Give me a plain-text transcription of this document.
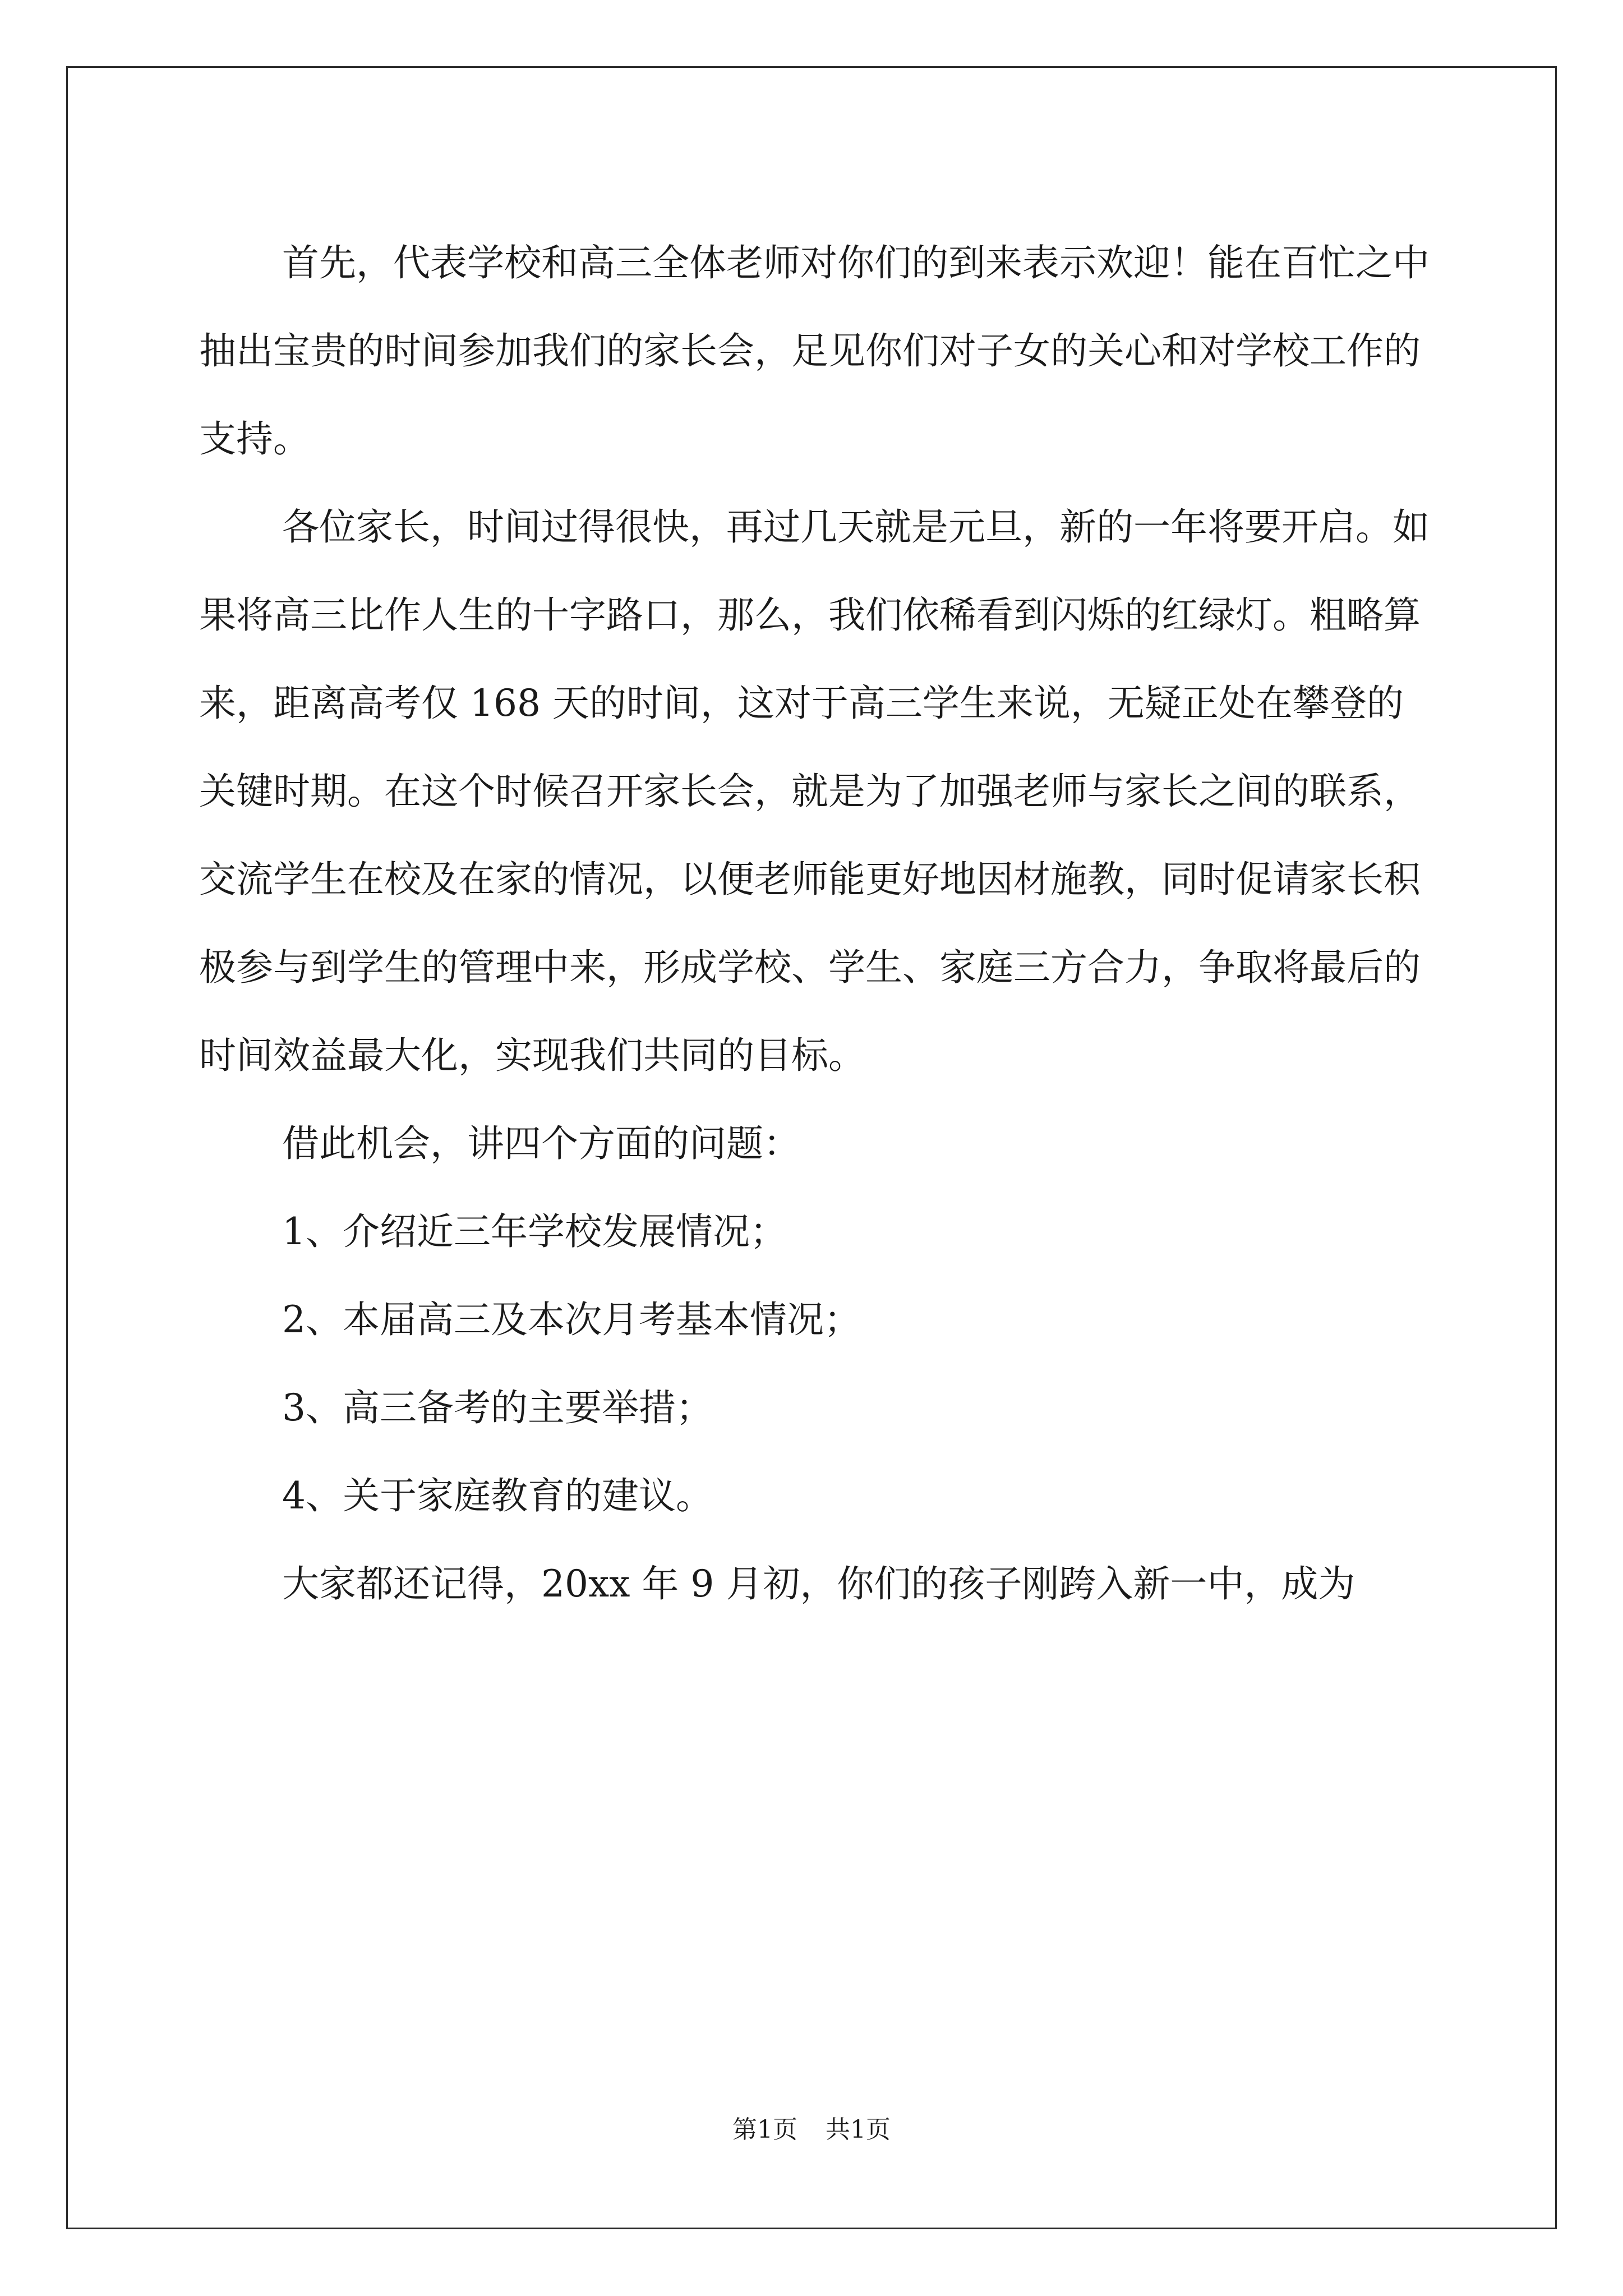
首先，代表学校和高三全体老师对你们的到来表示欢迎！能在百忙之中抽出宝贵的时间参加我们的家长会，足见你们对子女的关心和对学校工作的支持。

各位家长，时间过得很快，再过几天就是元旦，新的一年将要开启。如果将高三比作人生的十字路口，那么，我们依稀看到闪烁的红绿灯。粗略算来，距离高考仅 168 天的时间，这对于高三学生来说，无疑正处在攀登的关键时期。在这个时候召开家长会，就是为了加强老师与家长之间的联系，交流学生在校及在家的情况，以便老师能更好地因材施教，同时促请家长积极参与到学生的管理中来，形成学校、学生、家庭三方合力，争取将最后的时间效益最大化，实现我们共同的目标。

借此机会，讲四个方面的问题：

1、介绍近三年学校发展情况；

2、本届高三及本次月考基本情况；

3、高三备考的主要举措；

4、关于家庭教育的建议。

大家都还记得，20xx 年 9 月初，你们的孩子刚跨入新一中，成为

第1页 共1页
